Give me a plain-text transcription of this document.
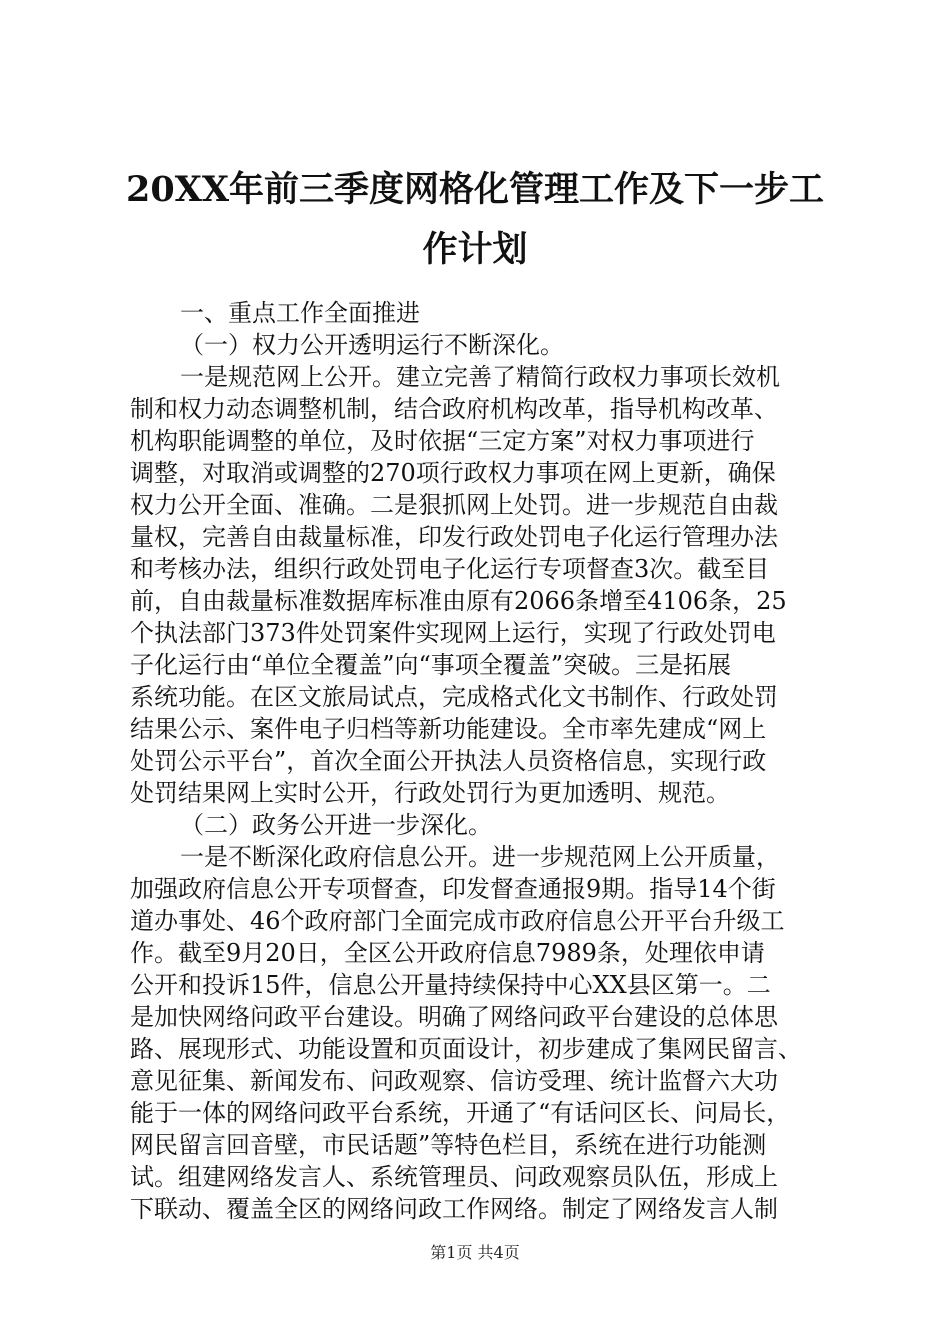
20XX年前三季度网格化管理工作及下一步工
作计划
一、重点工作全面推进
（一）权力公开透明运行不断深化。
一是规范网上公开。建立完善了精简行政权力事项长效机
制和权力动态调整机制，结合政府机构改革，指导机构改革、
机构职能调整的单位，及时依据“三定方案”对权力事项进行
调整，对取消或调整的270项行政权力事项在网上更新，确保
权力公开全面、准确。二是狠抓网上处罚。进一步规范自由裁
量权，完善自由裁量标准，印发行政处罚电子化运行管理办法
和考核办法，组织行政处罚电子化运行专项督查3次。截至目
前，自由裁量标准数据库标准由原有2066条增至4106条，25
个执法部门373件处罚案件实现网上运行，实现了行政处罚电
子化运行由“单位全覆盖”向“事项全覆盖”突破。三是拓展
系统功能。在区文旅局试点，完成格式化文书制作、行政处罚
结果公示、案件电子归档等新功能建设。全市率先建成“网上
处罚公示平台”，首次全面公开执法人员资格信息，实现行政
处罚结果网上实时公开，行政处罚行为更加透明、规范。
（二）政务公开进一步深化。
一是不断深化政府信息公开。进一步规范网上公开质量，
加强政府信息公开专项督查，印发督查通报9期。指导14个街
道办事处、46个政府部门全面完成市政府信息公开平台升级工
作。截至9月20日，全区公开政府信息7989条，处理依申请
公开和投诉15件，信息公开量持续保持中心XX县区第一。二
是加快网络问政平台建设。明确了网络问政平台建设的总体思
路、展现形式、功能设置和页面设计，初步建成了集网民留言、
意见征集、新闻发布、问政观察、信访受理、统计监督六大功
能于一体的网络问政平台系统，开通了“有话问区长、问局长，
网民留言回音壁，市民话题”等特色栏目，系统在进行功能测
试。组建网络发言人、系统管理员、问政观察员队伍，形成上
下联动、覆盖全区的网络问政工作网络。制定了网络发言人制
第1页 共4页
